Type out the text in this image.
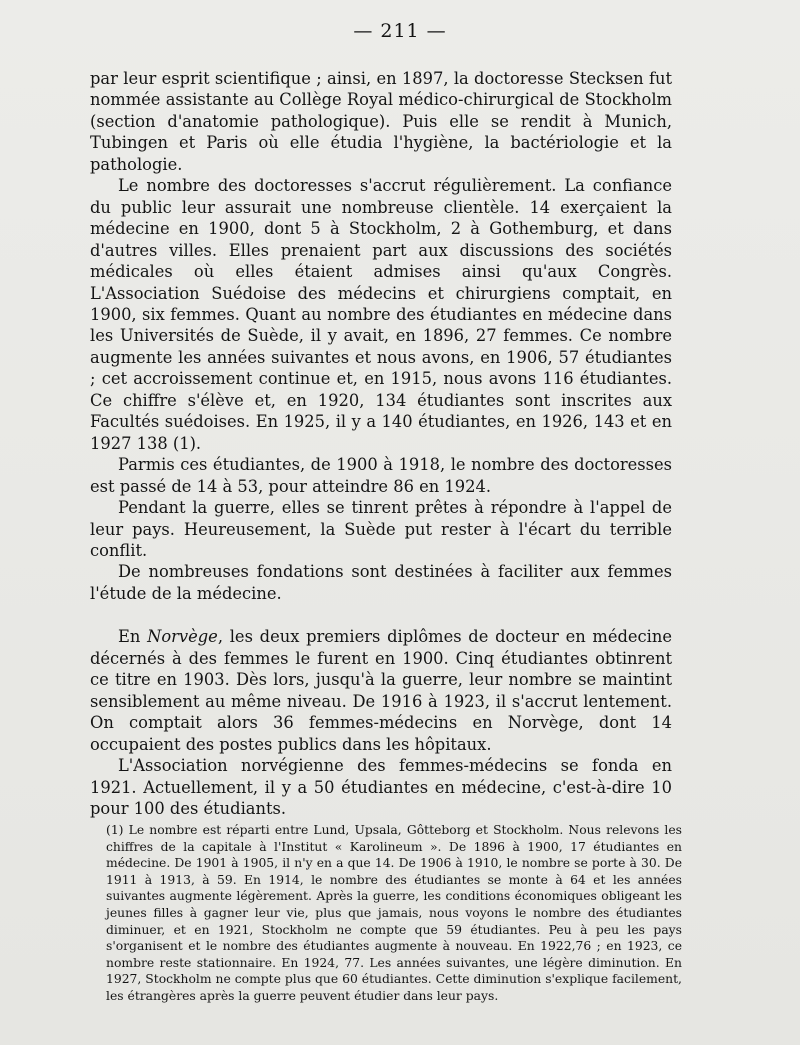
— 211 —

par leur esprit scientifique ; ainsi, en 1897, la doctoresse Stecksen fut nommée assistante au Collège Royal médico-chirurgical de Stockholm (section d'anatomie pathologique). Puis elle se rendit à Munich, Tubingen et Paris où elle étudia l'hygiène, la bactériologie et la pathologie.

Le nombre des doctoresses s'accrut régulièrement. La confiance du public leur assurait une nombreuse clientèle. 14 exerçaient la médecine en 1900, dont 5 à Stockholm, 2 à Gothemburg, et dans d'autres villes. Elles prenaient part aux discussions des sociétés médicales où elles étaient admises ainsi qu'aux Congrès. L'Association Suédoise des médecins et chirurgiens comptait, en 1900, six femmes. Quant au nombre des étudiantes en médecine dans les Universités de Suède, il y avait, en 1896, 27 femmes. Ce nombre augmente les années suivantes et nous avons, en 1906, 57 étudiantes ; cet accroissement continue et, en 1915, nous avons 116 étudiantes. Ce chiffre s'élève et, en 1920, 134 étudiantes sont inscrites aux Facultés suédoises. En 1925, il y a 140 étudiantes, en 1926, 143 et en 1927 138 (1).

Parmis ces étudiantes, de 1900 à 1918, le nombre des doctoresses est passé de 14 à 53, pour atteindre 86 en 1924.

Pendant la guerre, elles se tinrent prêtes à répondre à l'appel de leur pays. Heureusement, la Suède put rester à l'écart du terrible conflit.

De nombreuses fondations sont destinées à faciliter aux femmes l'étude de la médecine.

En Norvège, les deux premiers diplômes de docteur en médecine décernés à des femmes le furent en 1900. Cinq étudiantes obtinrent ce titre en 1903. Dès lors, jusqu'à la guerre, leur nombre se maintint sensiblement au même niveau. De 1916 à 1923, il s'accrut lentement. On comptait alors 36 femmes-médecins en Norvège, dont 14 occupaient des postes publics dans les hôpitaux.

L'Association norvégienne des femmes-médecins se fonda en 1921. Actuellement, il y a 50 étudiantes en médecine, c'est-à-dire 10 pour 100 des étudiants.

(1) Le nombre est réparti entre Lund, Upsala, Gôtteborg et Stockholm. Nous relevons les chiffres de la capitale à l'Institut « Karolineum ». De 1896 à 1900, 17 étudiantes en médecine. De 1901 à 1905, il n'y en a que 14. De 1906 à 1910, le nombre se porte à 30. De 1911 à 1913, à 59. En 1914, le nombre des étudiantes se monte à 64 et les années suivantes augmente légèrement. Après la guerre, les conditions économiques obligeant les jeunes filles à gagner leur vie, plus que jamais, nous voyons le nombre des étudiantes diminuer, et en 1921, Stockholm ne compte que 59 étudiantes. Peu à peu les pays s'organisent et le nombre des étudiantes augmente à nouveau. En 1922,76 ; en 1923, ce nombre reste stationnaire. En 1924, 77. Les années suivantes, une légère diminution. En 1927, Stockholm ne compte plus que 60 étudiantes. Cette diminution s'explique facilement, les étrangères après la guerre peuvent étudier dans leur pays.
